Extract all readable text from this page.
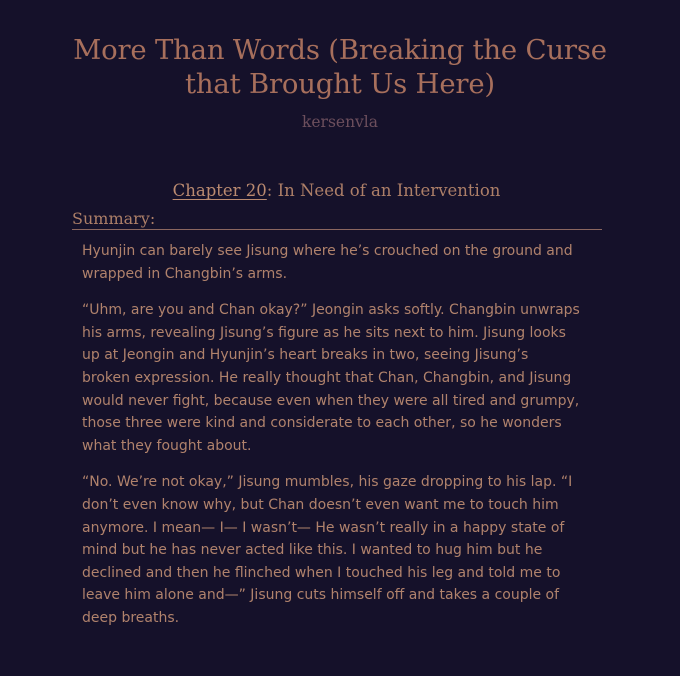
More Than Words (Breaking the Curse that Brought Us Here)
kersenvla
Chapter 20: In Need of an Intervention
Summary:

Hyunjin can barely see Jisung where he’s crouched on the ground and
wrapped in Changbin’s arms.

“Uhm, are you and Chan okay?” Jeongin asks softly. Changbin unwraps
his arms, revealing Jisung’s figure as he sits next to him. Jisung looks
up at Jeongin and Hyunjin’s heart breaks in two, seeing Jisung’s
broken expression. He really thought that Chan, Changbin, and Jisung
would never fight, because even when they were all tired and grumpy,
those three were kind and considerate to each other, so he wonders
what they fought about.

“No. We’re not okay,” Jisung mumbles, his gaze dropping to his lap. “I
don’t even know why, but Chan doesn’t even want me to touch him
anymore. I mean— I— I wasn’t— He wasn’t really in a happy state of
mind but he has never acted like this. I wanted to hug him but he
declined and then he flinched when I touched his leg and told me to
leave him alone and—” Jisung cuts himself off and takes a couple of
deep breaths.
